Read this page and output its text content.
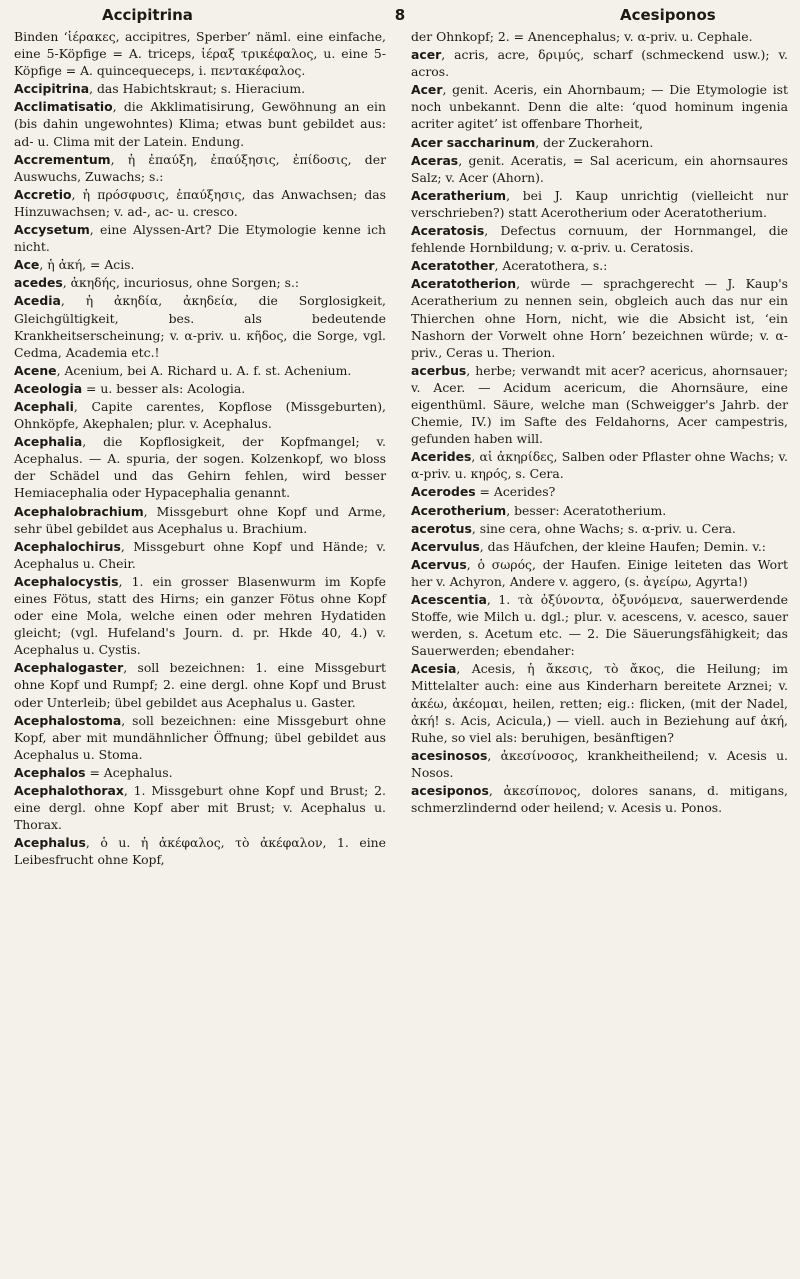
Accipitrina	8	Acesiponos

Binden ‘ἱέρακες, accipitres, Sperber’ näml. eine einfache, eine 5-Köpfige = A. triceps, ἱέραξ τρικέφαλος, u. eine 5-Köpfige = A. quincequeceps, i. πεντακέφαλος.

Accipitrina, das Habichtskraut; s. Hieracium.

Acclimatisatio, die Akklimatisirung, Gewöhnung an ein (bis dahin ungewohntes) Klima; etwas bunt gebildet aus: ad- u. Clima mit der Latein. Endung.

Accrementum, ἡ ἐπαύξη, ἐπαύξησις, ἐπίδοσις, der Auswuchs, Zuwachs; s.:

Accretio, ἡ πρόσφυσις, ἐπαύξησις, das Anwachsen; das Hinzuwachsen; v. ad-, ac- u. cresco.

Accysetum, eine Alyssen-Art? Die Etymologie kenne ich nicht.

Ace, ἡ ἀκή, = Acis.

acedes, ἀκηδής, incuriosus, ohne Sorgen; s.:

Acedia, ἡ ἀκηδία, ἀκηδεία, die Sorglosigkeit, Gleichgültigkeit, bes. als bedeutende Krankheitserscheinung; v. α-priv. u. κῆδος, die Sorge, vgl. Cedma, Academia etc.!

Acene, Acenium, bei A. Richard u. A. f. st. Achenium.

Aceologia = u. besser als: Acologia.

Acephali, Capite carentes, Kopflose (Missgeburten), Ohnköpfe, Akephalen; plur. v. Acephalus.

Acephalia, die Kopflosigkeit, der Kopfmangel; v. Acephalus. — A. spuria, der sogen. Kolzenkopf, wo bloss der Schädel und das Gehirn fehlen, wird besser Hemiacephalia oder Hypacephalia genannt.

Acephalobrachium, Missgeburt ohne Kopf und Arme, sehr übel gebildet aus Acephalus u. Brachium.

Acephalochirus, Missgeburt ohne Kopf und Hände; v. Acephalus u. Cheir.

Acephalocystis, 1. ein grosser Blasenwurm im Kopfe eines Fötus, statt des Hirns; ein ganzer Fötus ohne Kopf oder eine Mola, welche einen oder mehren Hydatiden gleicht; (vgl. Hufeland's Journ. d. pr. Hkde 40, 4.) v. Acephalus u. Cystis.

Acephalogaster, soll bezeichnen: 1. eine Missgeburt ohne Kopf und Rumpf; 2. eine dergl. ohne Kopf und Brust oder Unterleib; übel gebildet aus Acephalus u. Gaster.

Acephalostoma, soll bezeichnen: eine Missgeburt ohne Kopf, aber mit mundähnlicher Öffnung; übel gebildet aus Acephalus u. Stoma.

Acephalos = Acephalus.

Acephalothorax, 1. Missgeburt ohne Kopf und Brust; 2. eine dergl. ohne Kopf aber mit Brust; v. Acephalus u. Thorax.

Acephalus, ὁ u. ἡ ἀκέφαλος, τὸ ἀκέφαλον, 1. eine Leibesfrucht ohne Kopf,

der Ohnkopf; 2. = Anencephalus; v. α-priv. u. Cephale.

acer, acris, acre, δριμύς, scharf (schmeckend usw.); v. acros.

Acer, genit. Aceris, ein Ahornbaum; — Die Etymologie ist noch unbekannt. Denn die alte: ‘quod hominum ingenia acriter agitet’ ist offenbare Thorheit,

Acer saccharinum, der Zuckerahorn.

Aceras, genit. Aceratis, = Sal acericum, ein ahornsaures Salz; v. Acer (Ahorn).

Aceratherium, bei J. Kaup unrichtig (vielleicht nur verschrieben?) statt Acerotherium oder Aceratotherium.

Aceratosis, Defectus cornuum, der Hornmangel, die fehlende Hornbildung; v. α-priv. u. Ceratosis.

Aceratother, Aceratothera, s.:

Aceratotherion, würde — sprachgerecht — J. Kaup's Aceratherium zu nennen sein, obgleich auch das nur ein Thierchen ohne Horn, nicht, wie die Absicht ist, ‘ein Nashorn der Vorwelt ohne Horn’ bezeichnen würde; v. α-priv., Ceras u. Therion.

acerbus, herbe; verwandt mit acer? acericus, ahornsauer; v. Acer. — Acidum acericum, die Ahornsäure, eine eigenthüml. Säure, welche man (Schweigger's Jahrb. der Chemie, IV.) im Safte des Feldahorns, Acer campestris, gefunden haben will.

Acerides, αἱ ἀκηρίδες, Salben oder Pflaster ohne Wachs; v. α-priv. u. κηρός, s. Cera.

Acerodes = Acerides?

Acerotherium, besser: Aceratotherium.

acerotus, sine cera, ohne Wachs; s. α-priv. u. Cera.

Acervulus, das Häufchen, der kleine Haufen; Demin. v.:

Acervus, ὁ σωρός, der Haufen. Einige leiteten das Wort her v. Achyron, Andere v. aggero, (s. ἀγείρω, Agyrta!)

Acescentia, 1. τὰ ὀξύνοντα, ὀξυνόμενα, sauerwerdende Stoffe, wie Milch u. dgl.; plur. v. acescens, v. acesco, sauer werden, s. Acetum etc. — 2. Die Säuerungsfähigkeit; das Sauerwerden; ebendaher:

Acesia, Acesis, ἡ ἄκεσις, τὸ ἄκος, die Heilung; im Mittelalter auch: eine aus Kinderharn bereitete Arznei; v. ἀκέω, ἀκέομαι, heilen, retten; eig.: flicken, (mit der Nadel, ἀκή! s. Acis, Acicula,) — viell. auch in Beziehung auf ἀκή, Ruhe, so viel als: beruhigen, besänftigen?

acesinosos, ἀκεσίνοσος, krankheitheilend; v. Acesis u. Nosos.

acesiponos, ἀκεσίπονος, dolores sanans, d. mitigans, schmerzlindernd oder heilend; v. Acesis u. Ponos.
